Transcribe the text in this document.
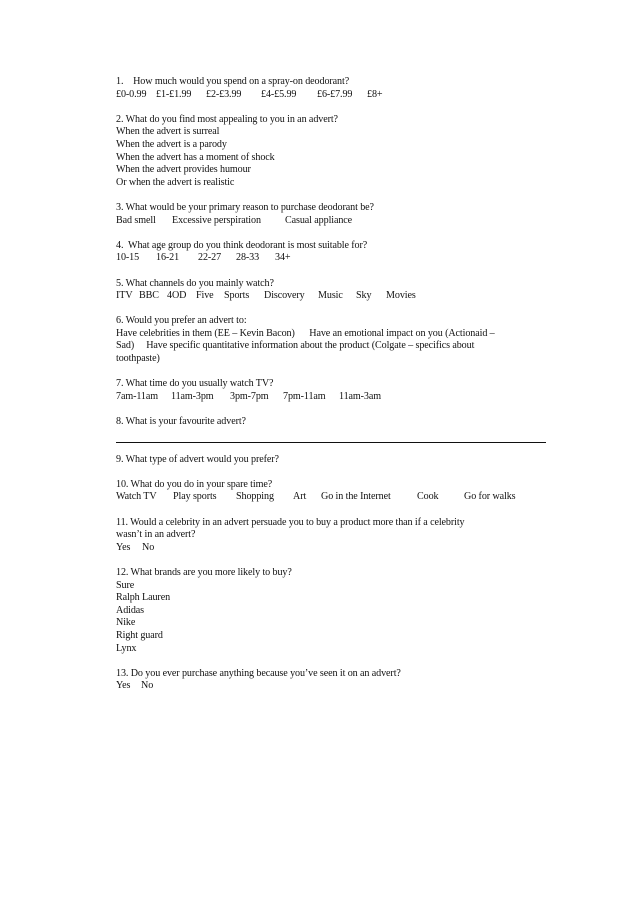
1. How much would you spend on a spray-on deodorant?
£0-0.99 £1-£1.99 £2-£3.99 £4-£5.99 £6-£7.99 £8+
2. What do you find most appealing to you in an advert?
When the advert is surreal
When the advert is a parody
When the advert has a moment of shock
When the advert provides humour
Or when the advert is realistic
3. What would be your primary reason to purchase deodorant be?
Bad smell Excessive perspiration Casual appliance
4.  What age group do you think deodorant is most suitable for?
10-15 16-21 22-27 28-33 34+
5. What channels do you mainly watch?
ITV BBC 4OD Five Sports Discovery Music Sky Movies
6. Would you prefer an advert to:
Have celebrities in them (EE – Kevin Bacon)      Have an emotional impact on you (Actionaid –
Sad)     Have specific quantitative information about the product (Colgate – specifics about
toothpaste)
7. What time do you usually watch TV?
7am-11am 11am-3pm 3pm-7pm 7pm-11am 11am-3am
8. What is your favourite advert?
9. What type of advert would you prefer?
10. What do you do in your spare time?
Watch TV Play sports Shopping Art Go in the Internet	Cook	Go for walks
11. Would a celebrity in an advert persuade you to buy a product more than if a celebrity
wasn’t in an advert?
Yes No
12. What brands are you more likely to buy?
Sure
Ralph Lauren
Adidas
Nike
Right guard
Lynx
13. Do you ever purchase anything because you’ve seen it on an advert?
Yes No
